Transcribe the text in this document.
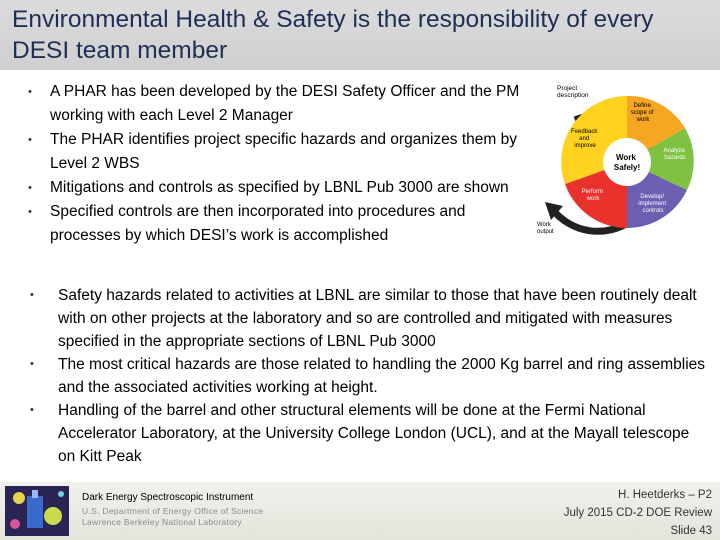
Environmental Health & Safety is the responsibility of every DESI team member
• A PHAR has been developed by the DESI Safety Officer and the PM working with each Level 2 Manager
• The PHAR identifies project specific hazards and organizes them by Level 2 WBS
• Mitigations and controls as specified by LBNL Pub 3000 are shown
• Specified controls are then incorporated into procedures and processes by which DESI’s work is accomplished
Project description
Define scope of work
Analyze hazards
Develop/ implement controls
Perform work
Feedback and improve
Work Safely!
Work output
• Safety hazards related to activities at LBNL are similar to those that have been routinely dealt with on other projects at the laboratory and so are controlled and mitigated with measures specified in the appropriate sections of LBNL Pub 3000
• The most critical hazards are those related to handling the 2000 Kg barrel and ring assemblies and the associated activities working at height.
• Handling of the barrel and other structural elements will be done at the Fermi National Accelerator Laboratory, at the University College London (UCL), and at the Mayall telescope on Kitt Peak
Dark Energy Spectroscopic Instrument
U.S. Department of Energy Office of Science
Lawrence Berkeley National Laboratory
H. Heetderks – P2
July 2015 CD-2 DOE Review
Slide 43
